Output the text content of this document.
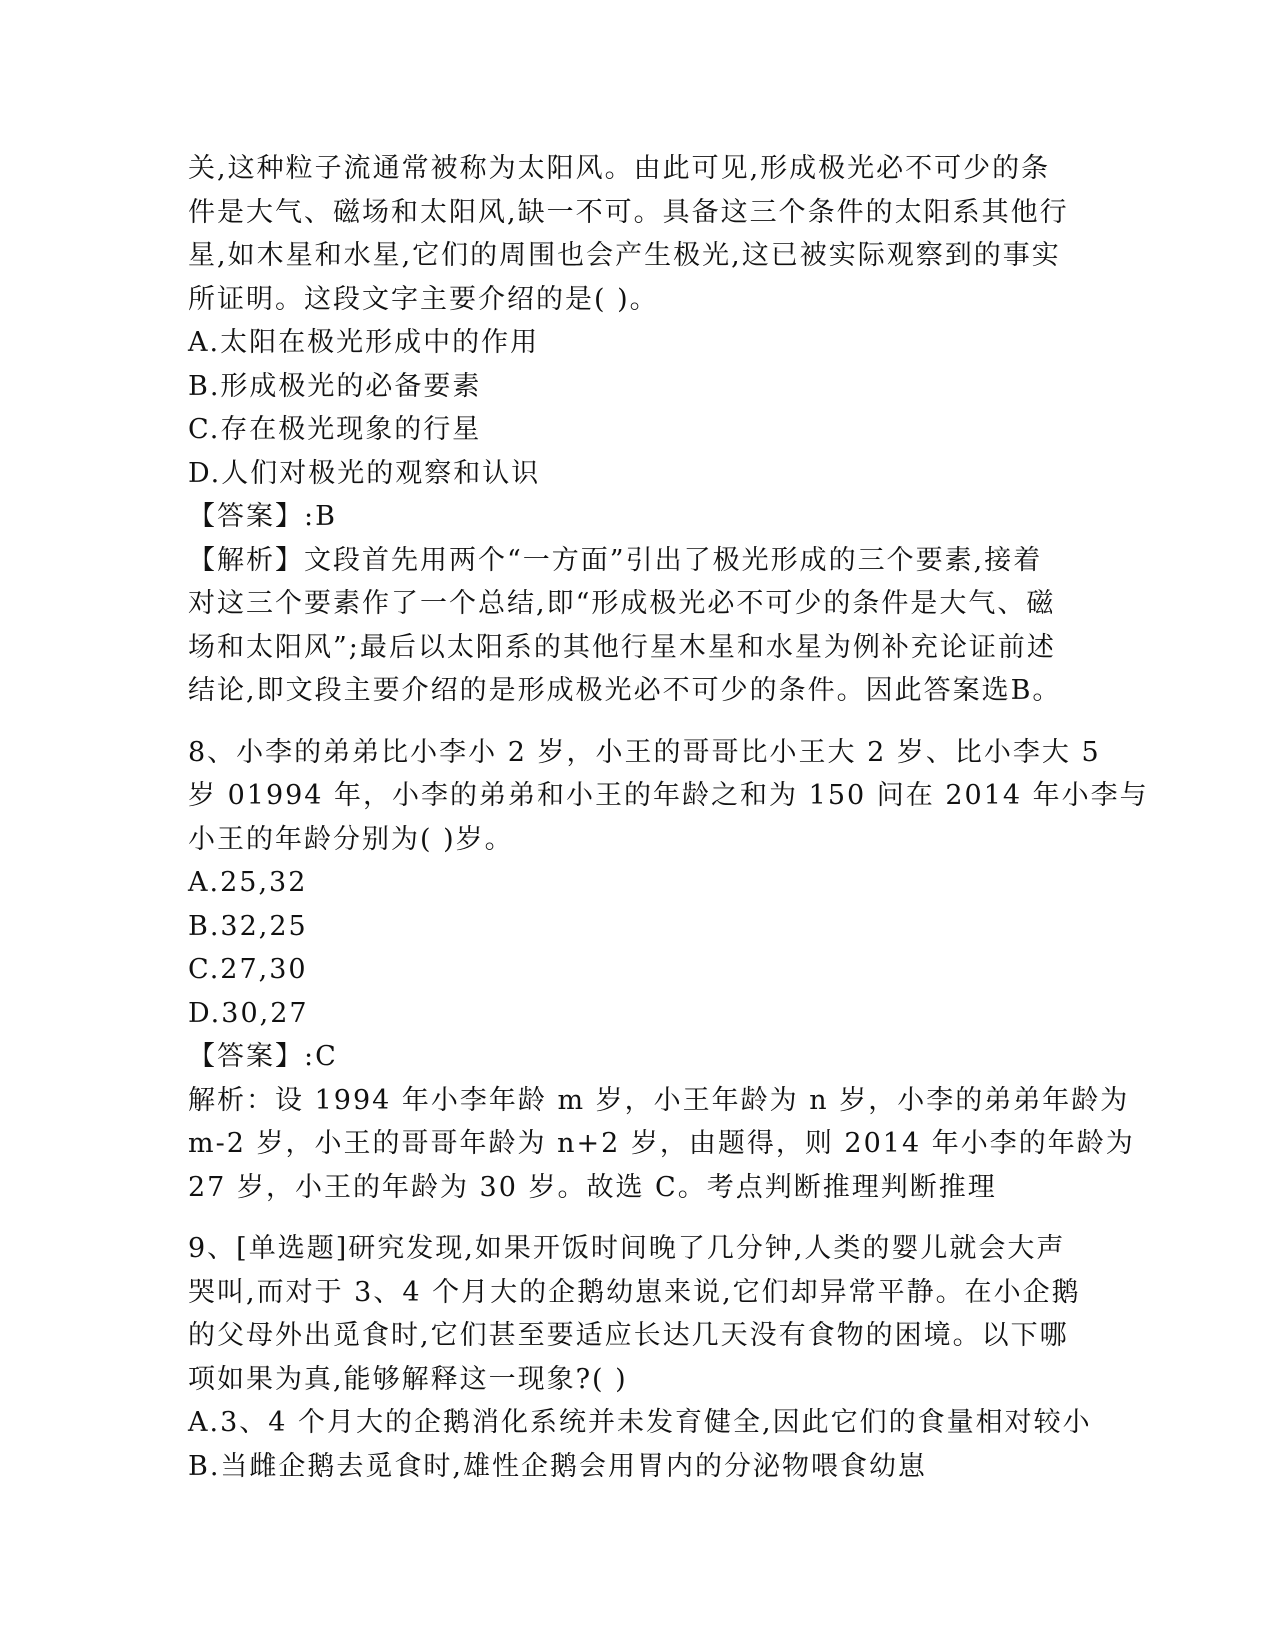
关,这种粒子流通常被称为太阳风。由此可见,形成极光必不可少的条
件是大气、磁场和太阳风,缺一不可。具备这三个条件的太阳系其他行
星,如木星和水星,它们的周围也会产生极光,这已被实际观察到的事实
所证明。这段文字主要介绍的是( )。
A.太阳在极光形成中的作用
B.形成极光的必备要素
C.存在极光现象的行星
D.人们对极光的观察和认识
【答案】:B
【解析】文段首先用两个“一方面”引出了极光形成的三个要素,接着
对这三个要素作了一个总结,即“形成极光必不可少的条件是大气、磁
场和太阳风”;最后以太阳系的其他行星木星和水星为例补充论证前述
结论,即文段主要介绍的是形成极光必不可少的条件。因此答案选B。
8、小李的弟弟比小李小 2 岁，小王的哥哥比小王大 2 岁、比小李大 5
岁 01994 年，小李的弟弟和小王的年龄之和为 150 问在 2014 年小李与
小王的年龄分别为( )岁。
A.25,32
B.32,25
C.27,30
D.30,27
【答案】:C
解析：设 1994 年小李年龄 m 岁，小王年龄为 n 岁，小李的弟弟年龄为
m-2 岁，小王的哥哥年龄为 n+2 岁，由题得，则 2014 年小李的年龄为
27 岁，小王的年龄为 30 岁。故选 C。考点判断推理判断推理
9、[单选题]研究发现,如果开饭时间晚了几分钟,人类的婴儿就会大声
哭叫,而对于 3、4 个月大的企鹅幼崽来说,它们却异常平静。在小企鹅
的父母外出觅食时,它们甚至要适应长达几天没有食物的困境。以下哪
项如果为真,能够解释这一现象?( )
A.3、4 个月大的企鹅消化系统并未发育健全,因此它们的食量相对较小
B.当雌企鹅去觅食时,雄性企鹅会用胃内的分泌物喂食幼崽
